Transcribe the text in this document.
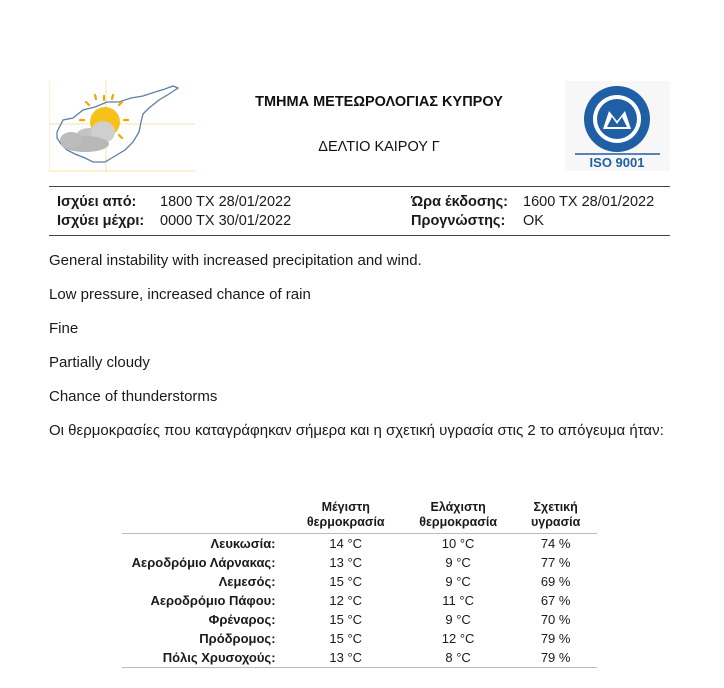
ΤΜΗΜΑ ΜΕΤΕΩΡΟΛΟΓΙΑΣ ΚΥΠΡΟΥ
ΔΕΛΤΙΟ ΚΑΙΡΟΥ Γ
ISO 9001
Ισχύει από: 1800 ΤΧ 28/01/2022
Ισχύει μέχρι: 0000 ΤΧ 30/01/2022
Ώρα έκδοσης: 1600 ΤΧ 28/01/2022
Προγνώστης: OK
General instability with increased precipitation and wind.
Low pressure, increased chance of rain
Fine
Partially cloudy
Chance of thunderstorms
Οι θερμοκρασίες που καταγράφηκαν σήμερα και η σχετική υγρασία στις 2 το απόγευμα ήταν:
	Μέγιστη θερμοκρασία	Ελάχιστη θερμοκρασία	Σχετική υγρασία
Λευκωσία:	14 °C	10 °C	74 %
Αεροδρόμιο Λάρνακας:	13 °C	9 °C	77 %
Λεμεσός:	15 °C	9 °C	69 %
Αεροδρόμιο Πάφου:	12 °C	11 °C	67 %
Φρέναρος:	15 °C	9 °C	70 %
Πρόδρομος:	15 °C	12 °C	79 %
Πόλις Χρυσοχούς:	13 °C	8 °C	79 %
